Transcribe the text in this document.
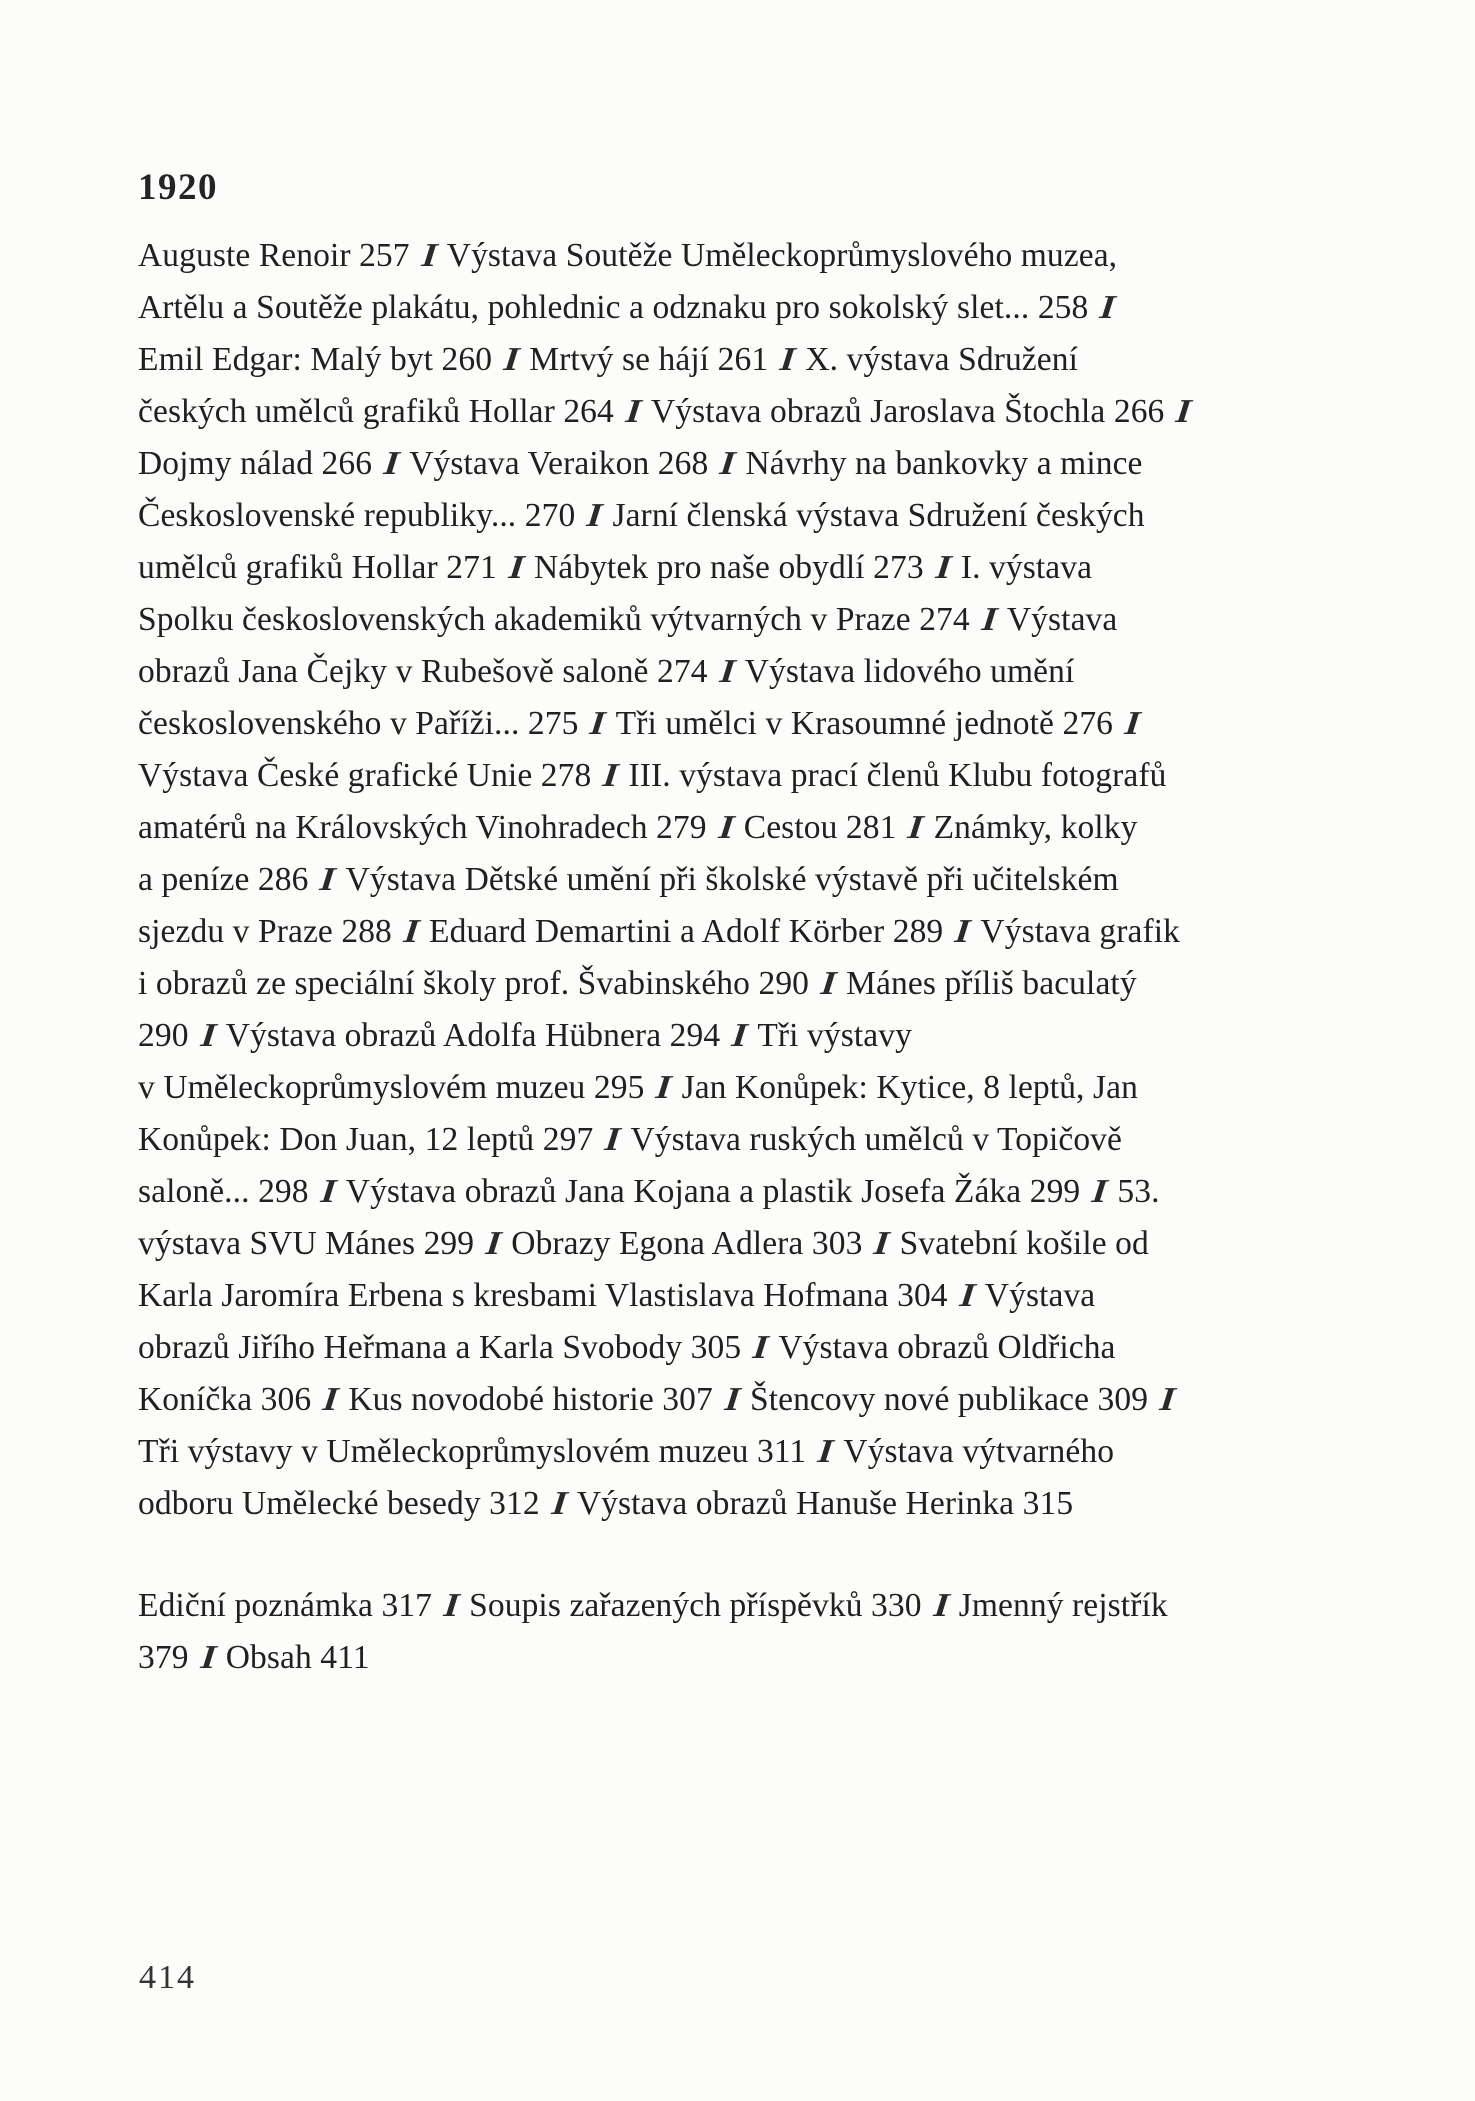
1920
Auguste Renoir 257 I Výstava Soutěže Uměleckoprůmyslového muzea,
Artělu a Soutěže plakátu, pohlednic a odznaku pro sokolský slet... 258 I
Emil Edgar: Malý byt 260 I Mrtvý se hájí 261 I X. výstava Sdružení
českých umělců grafiků Hollar 264 I Výstava obrazů Jaroslava Štochla 266 I
Dojmy nálad 266 I Výstava Veraikon 268 I Návrhy na bankovky a mince
Československé republiky... 270 I Jarní členská výstava Sdružení českých
umělců grafiků Hollar 271 I Nábytek pro naše obydlí 273 I I. výstava
Spolku československých akademiků výtvarných v Praze 274 I Výstava
obrazů Jana Čejky v Rubešově saloně 274 I Výstava lidového umění
československého v Paříži... 275 I Tři umělci v Krasoumné jednotě 276 I
Výstava České grafické Unie 278 I III. výstava prací členů Klubu fotografů
amatérů na Královských Vinohradech 279 I Cestou 281 I Známky, kolky
a peníze 286 I Výstava Dětské umění při školské výstavě při učitelském
sjezdu v Praze 288 I Eduard Demartini a Adolf Körber 289 I Výstava grafik
i obrazů ze speciální školy prof. Švabinského 290 I Mánes příliš baculatý
290 I Výstava obrazů Adolfa Hübnera 294 I Tři výstavy
v Uměleckoprůmyslovém muzeu 295 I Jan Konůpek: Kytice, 8 leptů, Jan
Konůpek: Don Juan, 12 leptů 297 I Výstava ruských umělců v Topičově
saloně... 298 I Výstava obrazů Jana Kojana a plastik Josefa Žáka 299 I 53.
výstava SVU Mánes 299 I Obrazy Egona Adlera 303 I Svatební košile od
Karla Jaromíra Erbena s kresbami Vlastislava Hofmana 304 I Výstava
obrazů Jiřího Heřmana a Karla Svobody 305 I Výstava obrazů Oldřicha
Koníčka 306 I Kus novodobé historie 307 I Štencovy nové publikace 309 I
Tři výstavy v Uměleckoprůmyslovém muzeu 311 I Výstava výtvarného
odboru Umělecké besedy 312 I Výstava obrazů Hanuše Herinka 315
Ediční poznámka 317 I Soupis zařazených příspěvků 330 I Jmenný rejstřík
379 I Obsah 411
414
